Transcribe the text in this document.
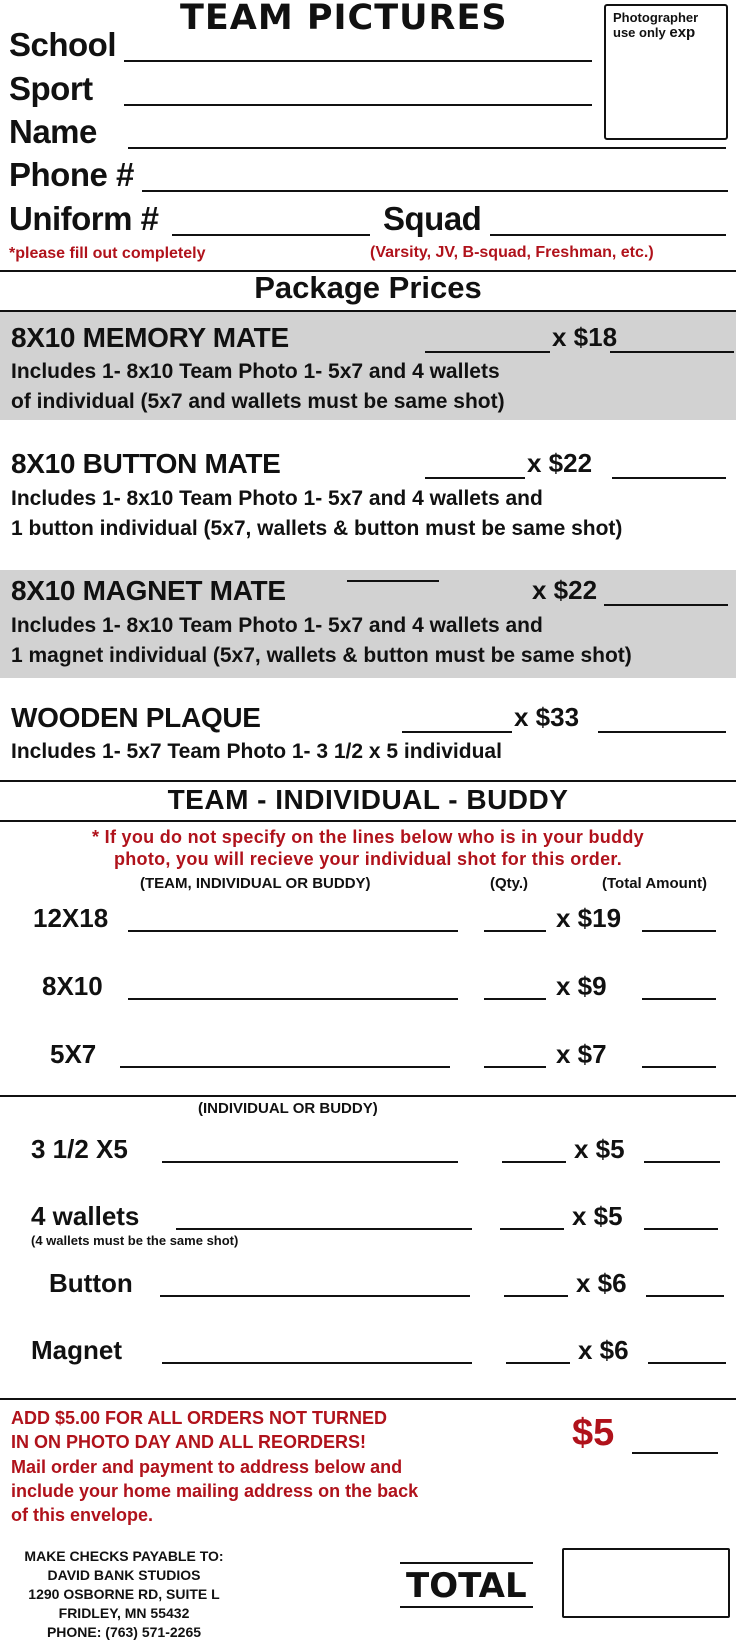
TEAM PICTURES	Photographer
use only exp
School
Sport
Name
Phone #
Uniform #	Squad
*please fill out completely	(Varsity, JV, B-squad, Freshman, etc.)
Package Prices
8X10 MEMORY MATE	x $18
Includes 1- 8x10 Team Photo 1- 5x7 and 4 wallets
of individual (5x7 and wallets must be same shot)
8X10 BUTTON MATE	x $22
Includes 1- 8x10 Team Photo 1- 5x7 and 4 wallets and
1 button individual (5x7, wallets & button must be same shot)
8X10 MAGNET MATE	x $22
Includes 1- 8x10 Team Photo 1- 5x7 and 4 wallets and
1 magnet individual (5x7, wallets & button must be same shot)
WOODEN PLAQUE	x $33
Includes 1- 5x7 Team Photo 1- 3 1/2 x 5 individual
TEAM - INDIVIDUAL - BUDDY
* If you do not specify on the lines below who is in your buddy
photo, you will recieve your individual shot for this order.
(TEAM, INDIVIDUAL OR BUDDY)	(Qty.)	(Total Amount)
12X18	x $19
8X10	x $9
5X7	x $7
(INDIVIDUAL OR BUDDY)
3 1/2 X5	x $5
4 wallets	x $5
(4 wallets must be the same shot)
Button	x $6
Magnet	x $6
ADD $5.00 FOR ALL ORDERS NOT TURNED
IN ON PHOTO DAY AND ALL REORDERS!
Mail order and payment to address below and
include your home mailing address on the back
of this envelope.
$5
MAKE CHECKS PAYABLE TO:
DAVID BANK STUDIOS
1290 OSBORNE RD, SUITE L
FRIDLEY, MN 55432
PHONE: (763) 571-2265
TOTAL
